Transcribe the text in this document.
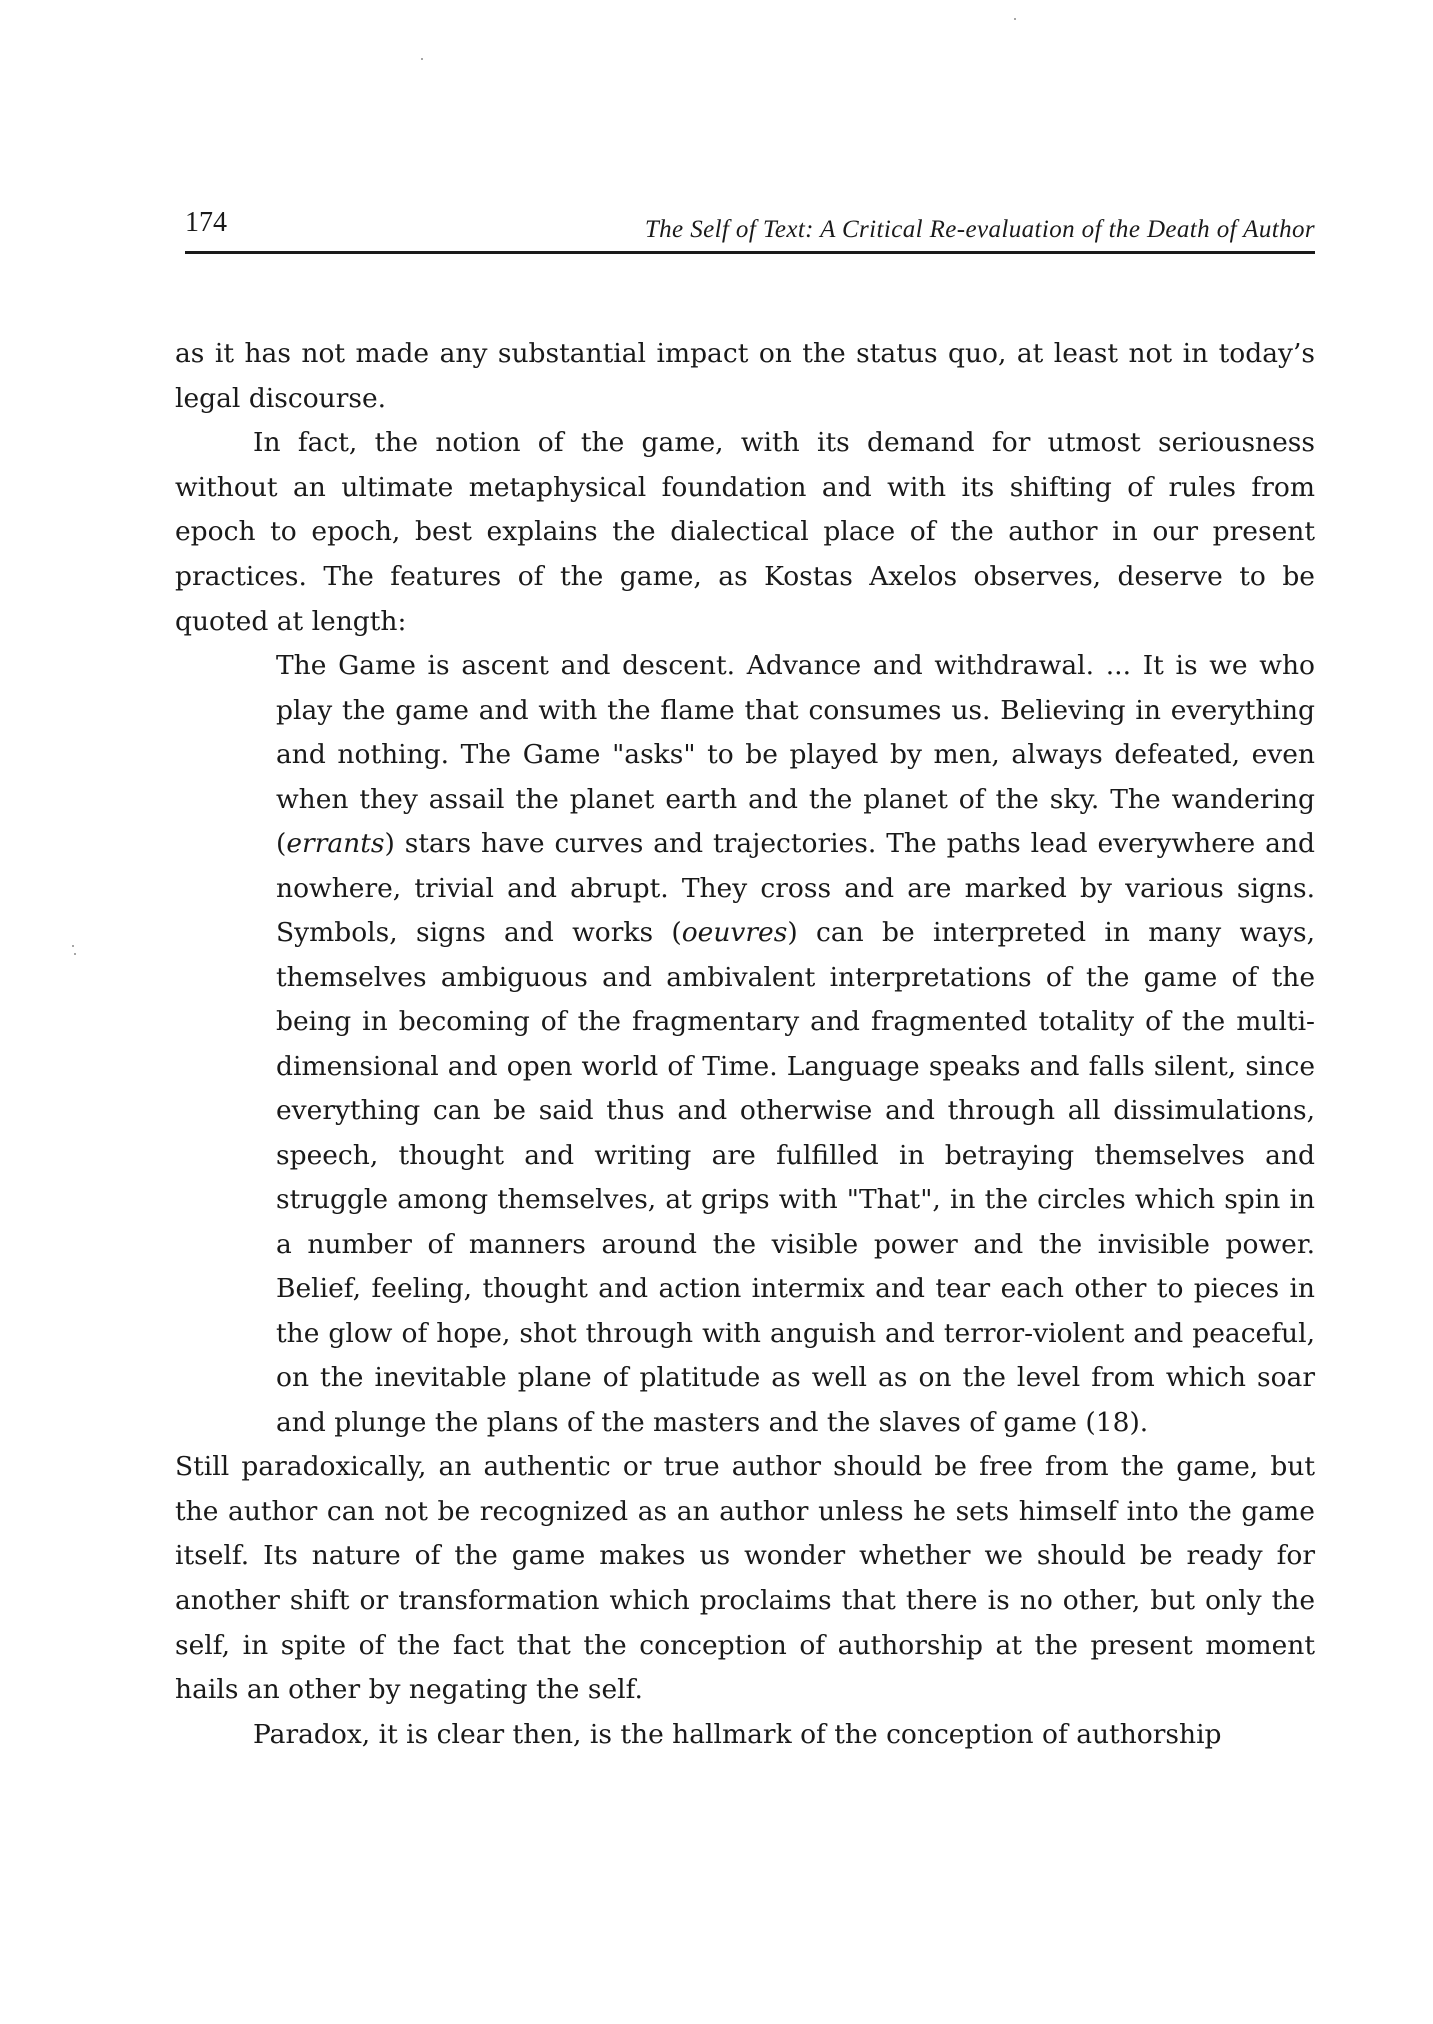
174	The Self of Text: A Critical Re-evaluation of the Death of Author

as it has not made any substantial impact on the status quo, at least not in today’s legal discourse.

In fact, the notion of the game, with its demand for utmost seriousness without an ultimate metaphysical foundation and with its shifting of rules from epoch to epoch, best explains the dialectical place of the author in our present practices. The features of the game, as Kostas Axelos observes, deserve to be quoted at length:

The Game is ascent and descent. Advance and withdrawal. ... It is we who play the game and with the flame that consumes us. Believing in everything and nothing. The Game "asks" to be played by men, always defeated, even when they assail the planet earth and the planet of the sky. The wandering (errants) stars have curves and trajectories. The paths lead everywhere and nowhere, trivial and abrupt. They cross and are marked by various signs. Symbols, signs and works (oeuvres) can be interpreted in many ways, themselves ambiguous and ambivalent interpretations of the game of the being in becoming of the fragmentary and fragmented totality of the multi-dimensional and open world of Time. Language speaks and falls silent, since everything can be said thus and otherwise and through all dissimulations, speech, thought and writing are fulfilled in betraying themselves and struggle among themselves, at grips with "That", in the circles which spin in a number of manners around the visible power and the invisible power. Belief, feeling, thought and action intermix and tear each other to pieces in the glow of hope, shot through with anguish and terror-violent and peaceful, on the inevitable plane of platitude as well as on the level from which soar and plunge the plans of the masters and the slaves of game (18).

Still paradoxically, an authentic or true author should be free from the game, but the author can not be recognized as an author unless he sets himself into the game itself. Its nature of the game makes us wonder whether we should be ready for another shift or transformation which proclaims that there is no other, but only the self, in spite of the fact that the conception of authorship at the present moment hails an other by negating the self.

Paradox, it is clear then, is the hallmark of the conception of authorship
